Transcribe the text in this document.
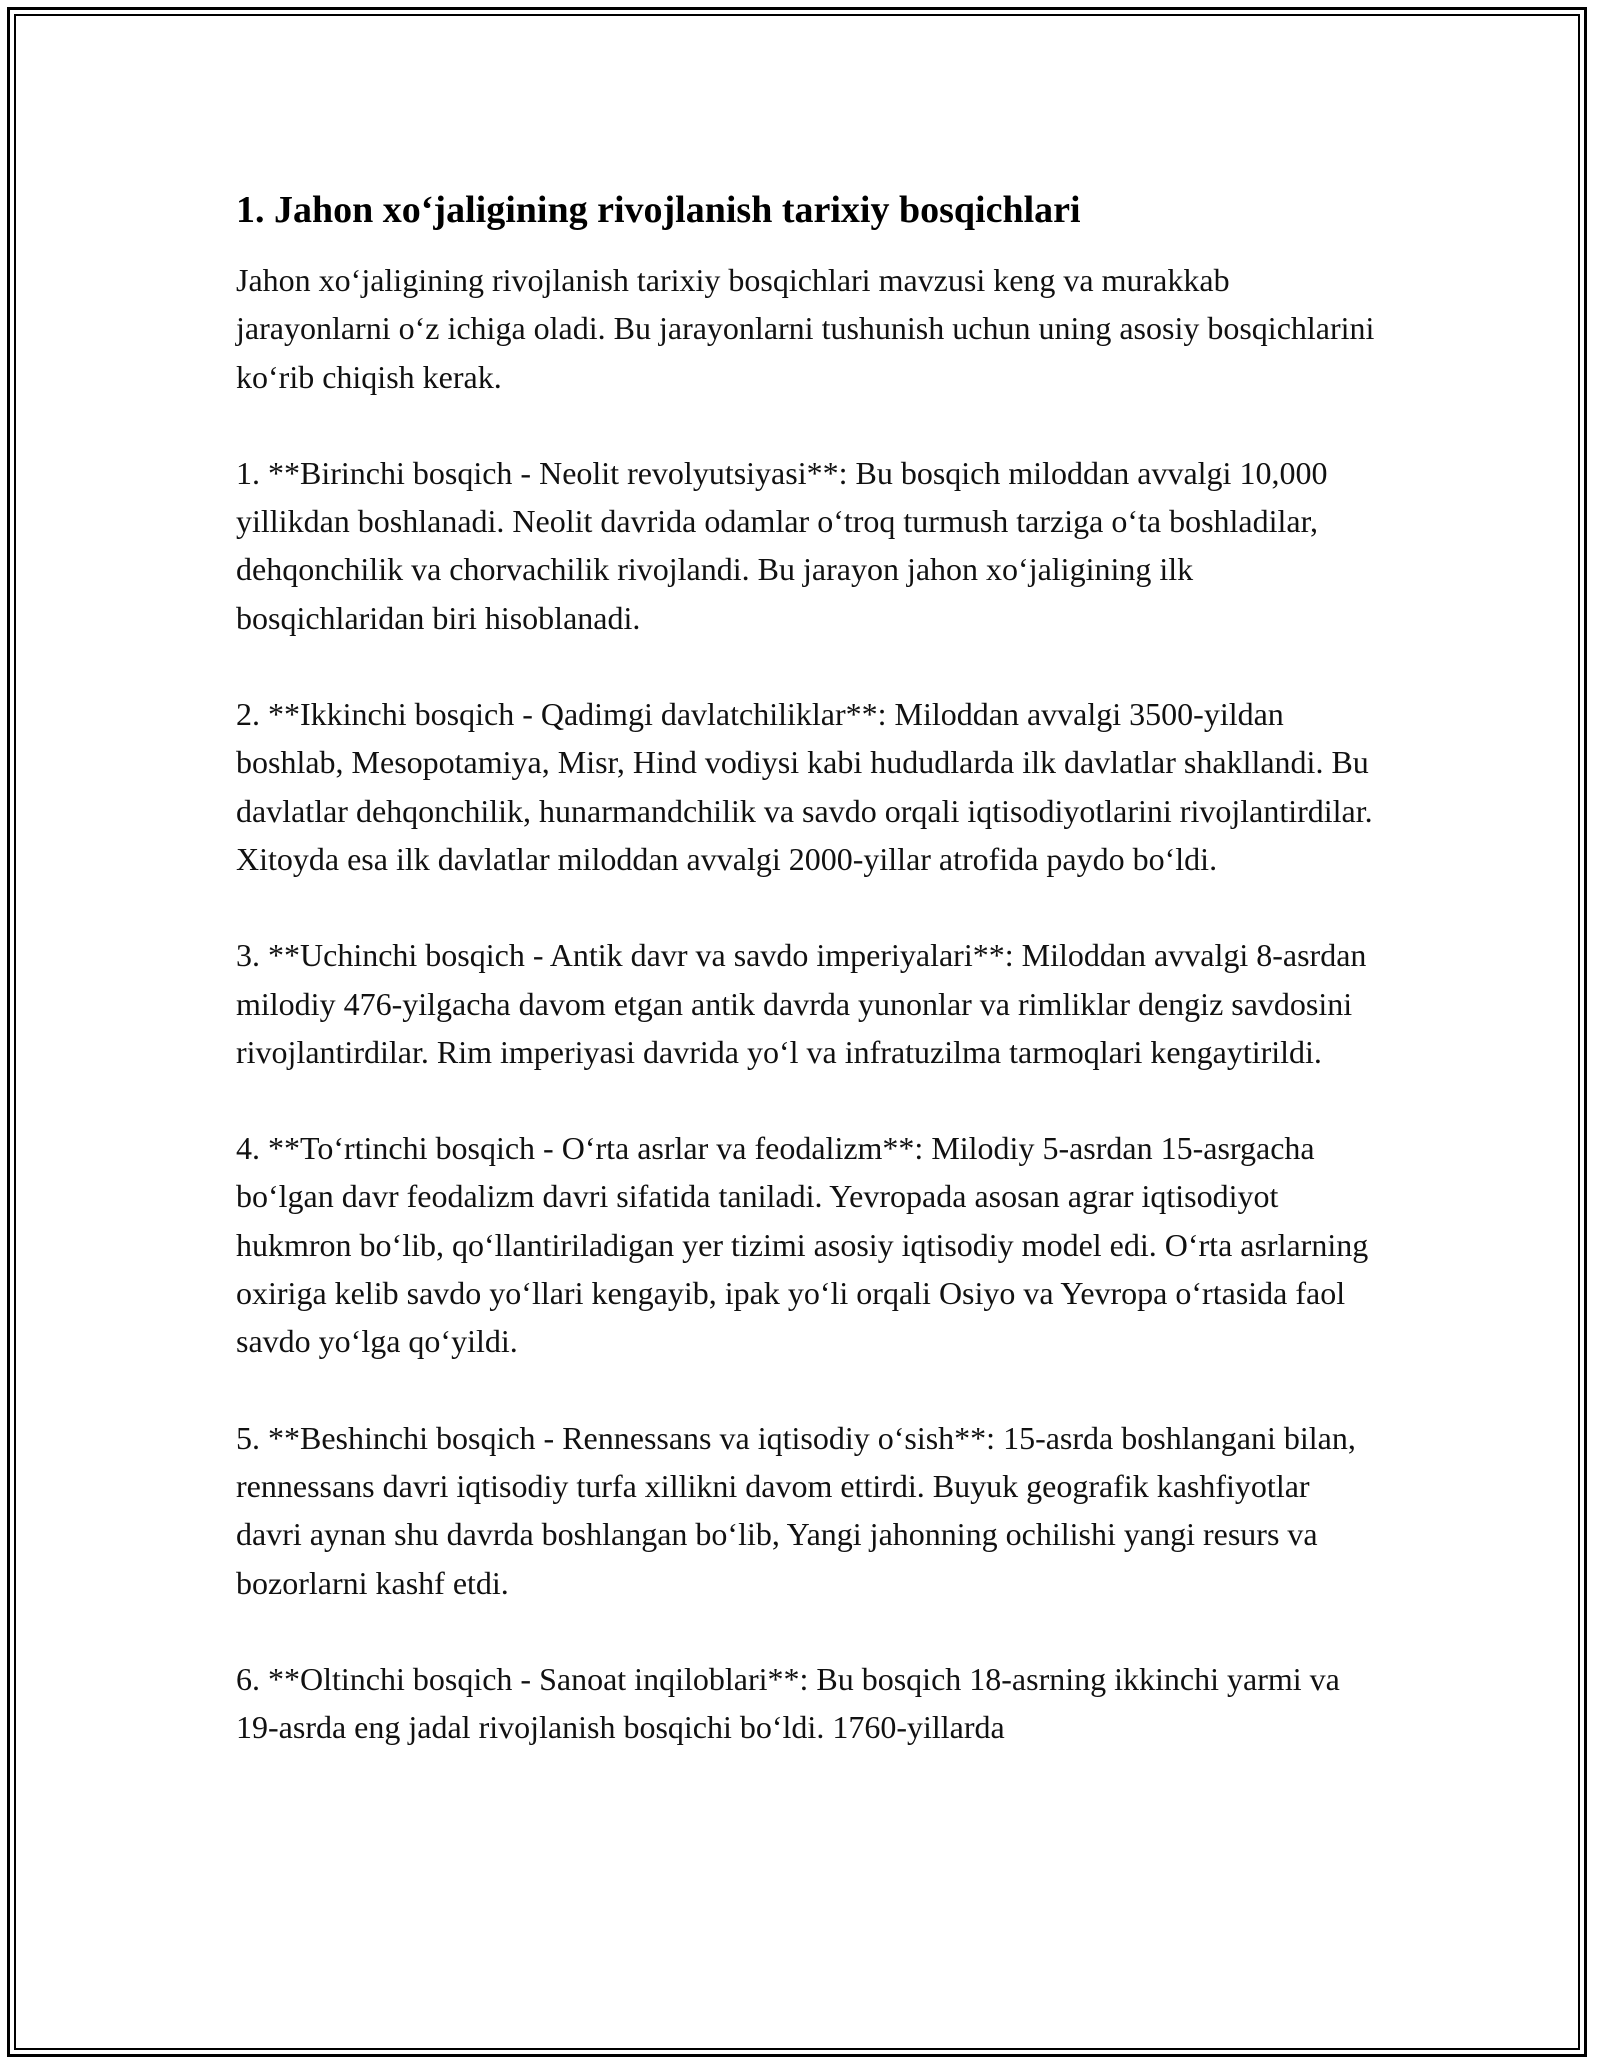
1. Jahon xo‘jaligining rivojlanish tarixiy bosqichlari

Jahon xo‘jaligining rivojlanish tarixiy bosqichlari mavzusi keng va murakkab jarayonlarni o‘z ichiga oladi. Bu jarayonlarni tushunish uchun uning asosiy bosqichlarini ko‘rib chiqish kerak.

1. **Birinchi bosqich - Neolit revolyutsiyasi**: Bu bosqich miloddan avvalgi 10,000 yillikdan boshlanadi. Neolit davrida odamlar o‘troq turmush tarziga o‘ta boshladilar, dehqonchilik va chorvachilik rivojlandi. Bu jarayon jahon xo‘jaligining ilk bosqichlaridan biri hisoblanadi.

2. **Ikkinchi bosqich - Qadimgi davlatchiliklar**: Miloddan avvalgi 3500-yildan boshlab, Mesopotamiya, Misr, Hind vodiysi kabi hududlarda ilk davlatlar shakllandi. Bu davlatlar dehqonchilik, hunarmandchilik va savdo orqali iqtisodiyotlarini rivojlantirdilar. Xitoyda esa ilk davlatlar miloddan avvalgi 2000-yillar atrofida paydo bo‘ldi.

3. **Uchinchi bosqich - Antik davr va savdo imperiyalari**: Miloddan avvalgi 8-asrdan milodiy 476-yilgacha davom etgan antik davrda yunonlar va rimliklar dengiz savdosini rivojlantirdilar. Rim imperiyasi davrida yo‘l va infratuzilma tarmoqlari kengaytirildi.

4. **To‘rtinchi bosqich - O‘rta asrlar va feodalizm**: Milodiy 5-asrdan 15-asrgacha bo‘lgan davr feodalizm davri sifatida taniladi. Yevropada asosan agrar iqtisodiyot hukmron bo‘lib, qo‘llantiriladigan yer tizimi asosiy iqtisodiy model edi. O‘rta asrlarning oxiriga kelib savdo yo‘llari kengayib, ipak yo‘li orqali Osiyo va Yevropa o‘rtasida faol savdo yo‘lga qo‘yildi.

5. **Beshinchi bosqich - Rennessans va iqtisodiy o‘sish**: 15-asrda boshlangani bilan, rennessans davri iqtisodiy turfa xillikni davom ettirdi. Buyuk geografik kashfiyotlar davri aynan shu davrda boshlangan bo‘lib, Yangi jahonning ochilishi yangi resurs va bozorlarni kashf etdi.

6. **Oltinchi bosqich - Sanoat inqiloblari**: Bu bosqich 18-asrning ikkinchi yarmi va 19-asrda eng jadal rivojlanish bosqichi bo‘ldi. 1760-yillarda
